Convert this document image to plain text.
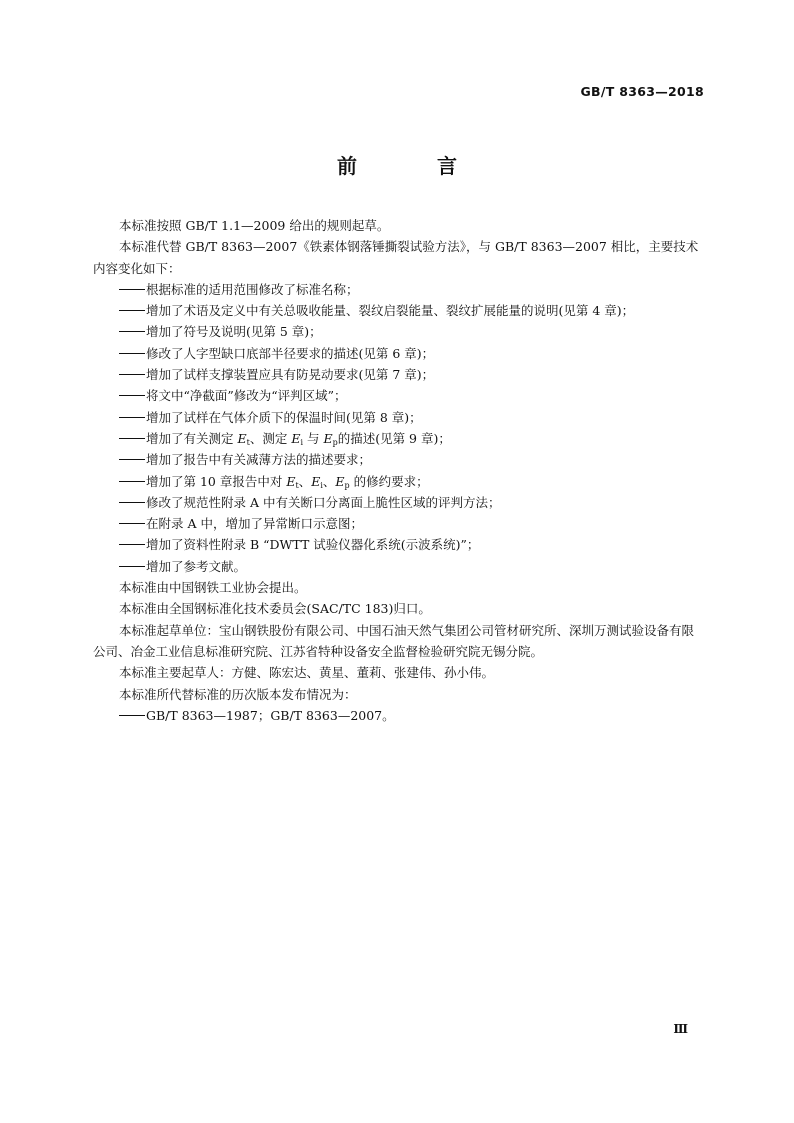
GB/T 8363—2018
前　言

本标准按照 GB/T 1.1—2009 给出的规则起草。

本标准代替 GB/T 8363—2007《铁素体钢落锤撕裂试验方法》，与 GB/T 8363—2007 相比，主要技术内容变化如下：

根据标准的适用范围修改了标准名称；

增加了术语及定义中有关总吸收能量、裂纹启裂能量、裂纹扩展能量的说明(见第 4 章)；

增加了符号及说明(见第 5 章)；

修改了人字型缺口底部半径要求的描述(见第 6 章)；

增加了试样支撑装置应具有防晃动要求(见第 7 章)；

将文中“净截面”修改为“评判区域”；

增加了试样在气体介质下的保温时间(见第 8 章)；

增加了有关测定 $E_t$、测定 $E_i$ 与 $E_p$的描述(见第 9 章)；

增加了报告中有关减薄方法的描述要求；

增加了第 10 章报告中对 $E_t$、$E_i$、$E_p$ 的修约要求；

修改了规范性附录 A 中有关断口分离面上脆性区域的评判方法；

在附录 A 中，增加了异常断口示意图；

增加了资料性附录 B “DWTT 试验仪器化系统(示波系统)”；

增加了参考文献。

本标准由中国钢铁工业协会提出。

本标准由全国钢标准化技术委员会(SAC/TC 183)归口。

本标准起草单位：宝山钢铁股份有限公司、中国石油天然气集团公司管材研究所、深圳万测试验设备有限公司、冶金工业信息标准研究院、江苏省特种设备安全监督检验研究院无锡分院。

本标准主要起草人：方健、陈宏达、黄星、董莉、张建伟、孙小伟。

本标准所代替标准的历次版本发布情况为：

GB/T 8363—1987；GB/T 8363—2007。

Ⅲ
